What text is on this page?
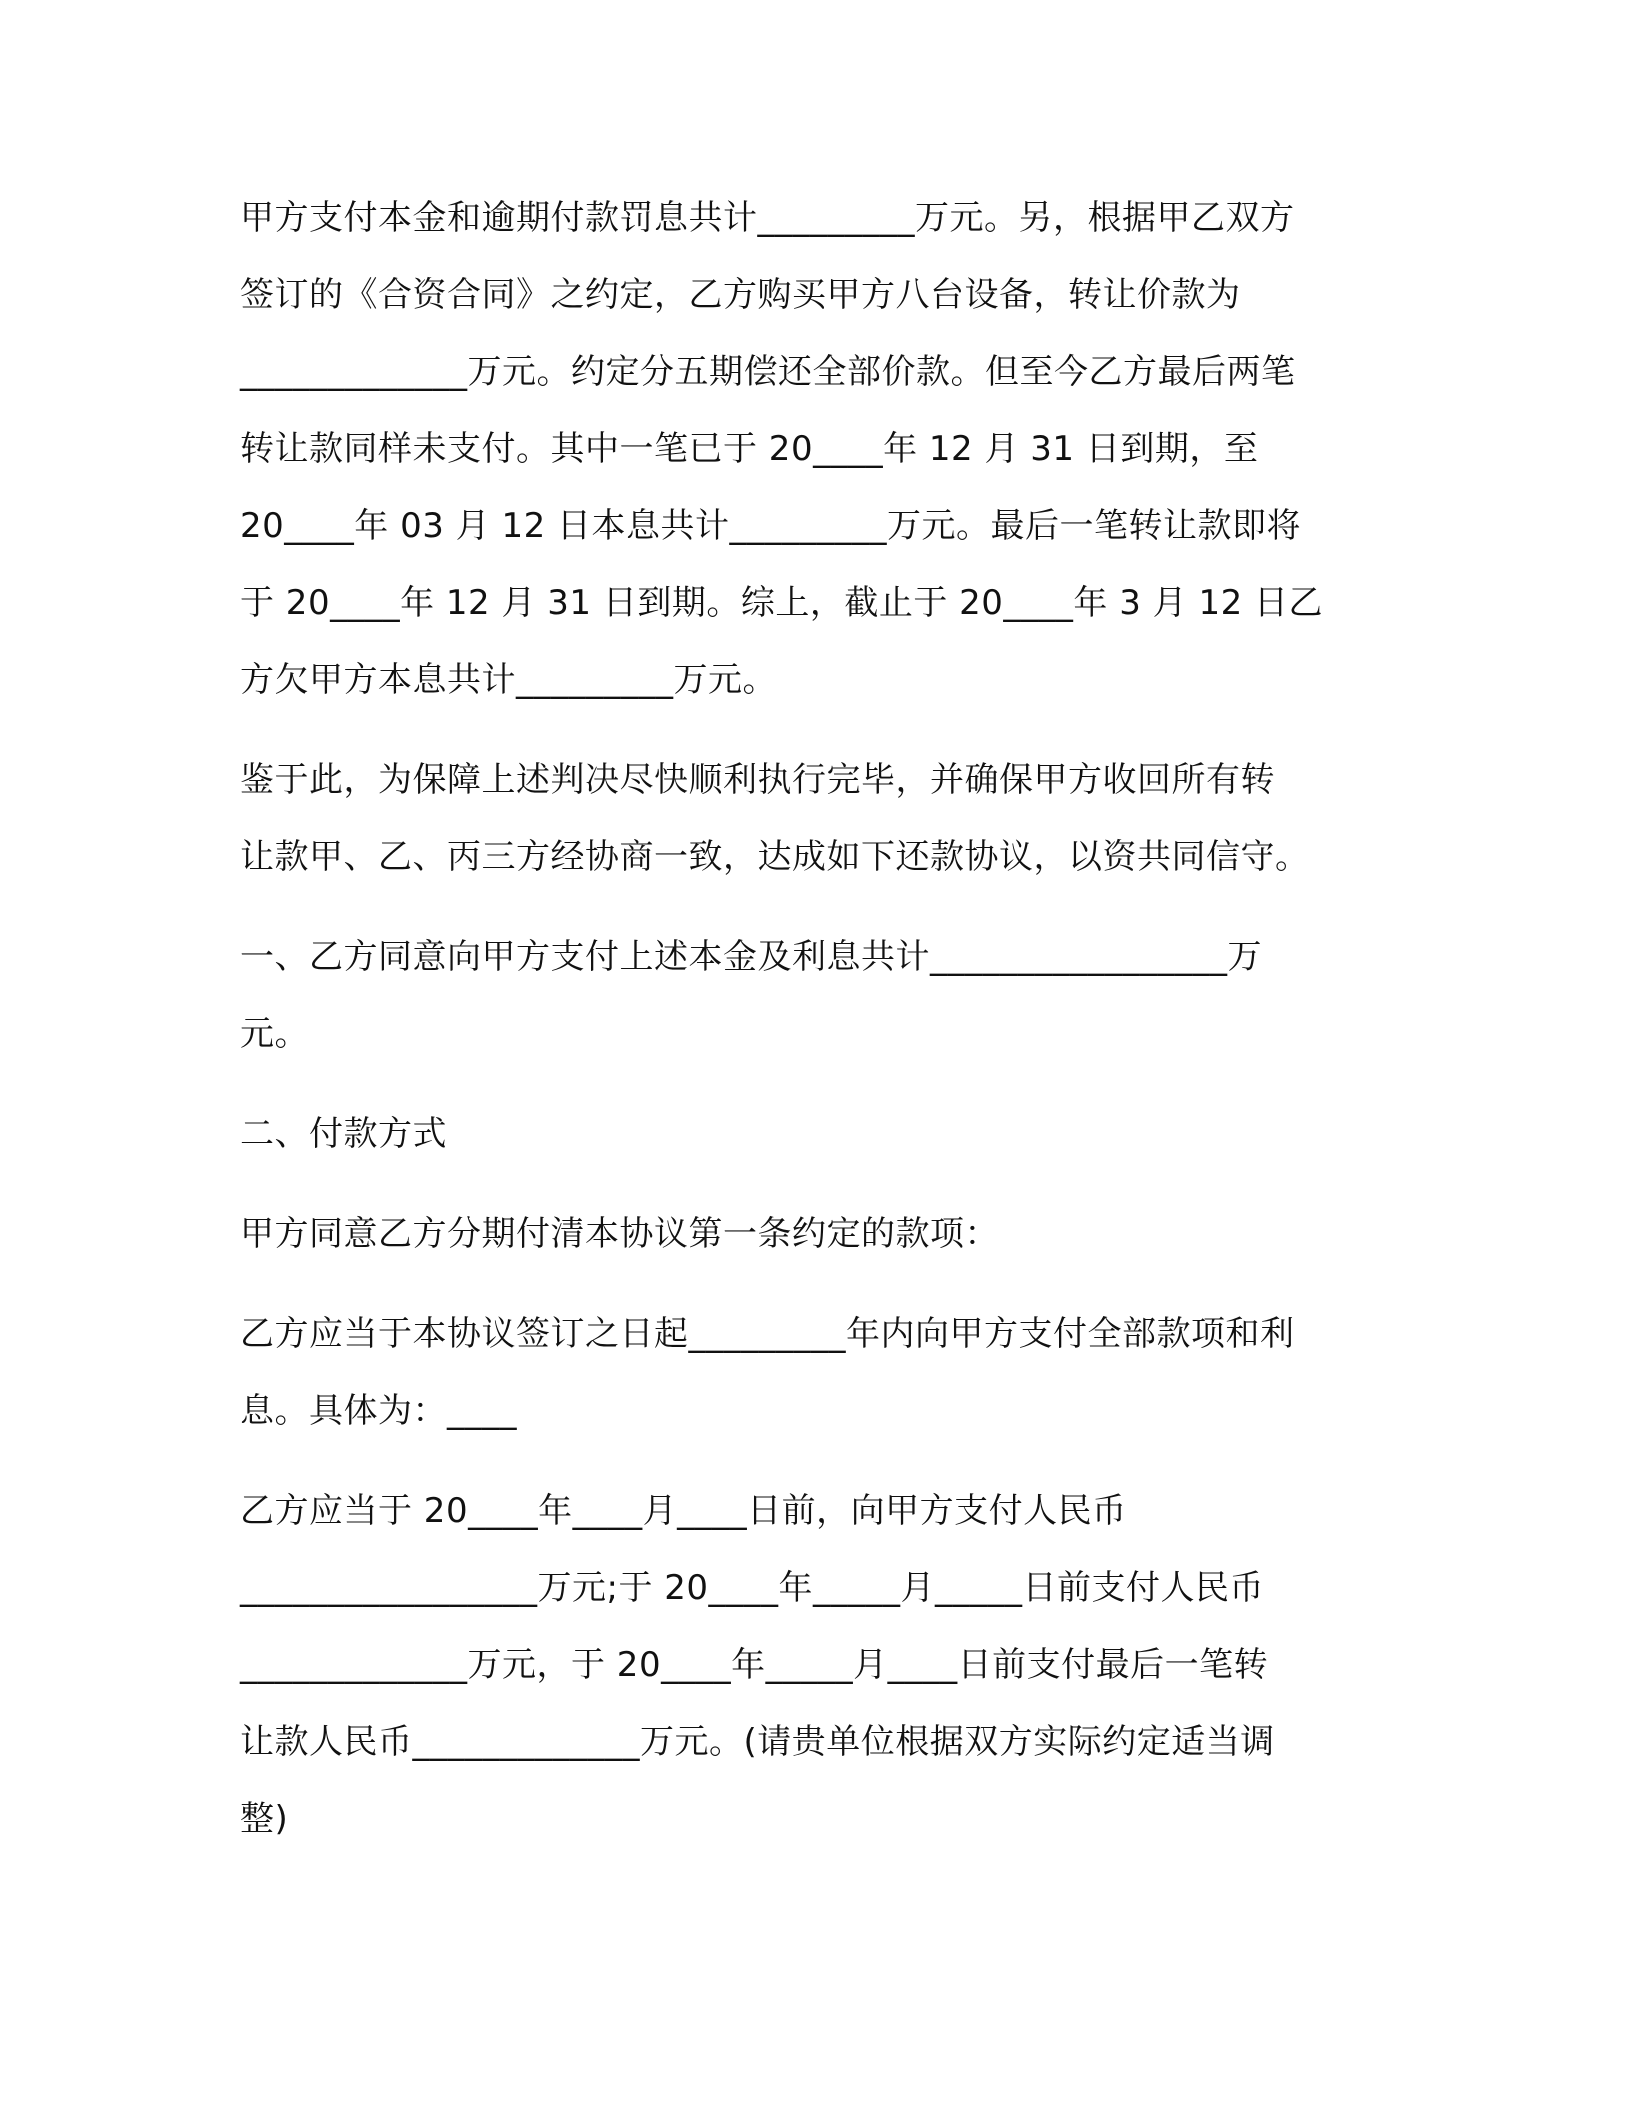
甲方支付本金和逾期付款罚息共计_________万元。另，根据甲乙双方

签订的《合资合同》之约定，乙方购买甲方八台设备，转让价款为

_____________万元。约定分五期偿还全部价款。但至今乙方最后两笔

转让款同样未支付。其中一笔已于 20____年 12 月 31 日到期，至

20____年 03 月 12 日本息共计_________万元。最后一笔转让款即将

于 20____年 12 月 31 日到期。综上，截止于 20____年 3 月 12 日乙

方欠甲方本息共计_________万元。

鉴于此，为保障上述判决尽快顺利执行完毕，并确保甲方收回所有转

让款甲、乙、丙三方经协商一致，达成如下还款协议，以资共同信守。

一、乙方同意向甲方支付上述本金及利息共计_________________万

元。

二、付款方式

甲方同意乙方分期付清本协议第一条约定的款项：

乙方应当于本协议签订之日起_________年内向甲方支付全部款项和利

息。具体为：____

乙方应当于 20____年____月____日前，向甲方支付人民币

_________________万元;于 20____年_____月_____日前支付人民币

_____________万元，于 20____年_____月____日前支付最后一笔转

让款人民币_____________万元。(请贵单位根据双方实际约定适当调

整)
